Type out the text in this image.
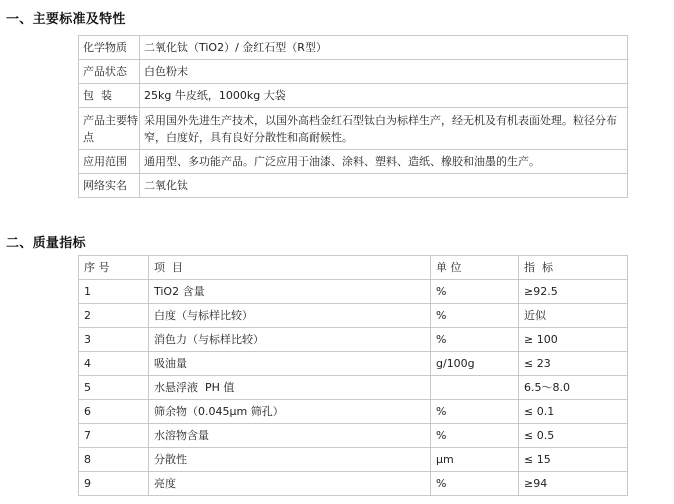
一、主要标准及特性
化学物质	二氧化钛（TiO2）/ 金红石型（R型）
产品状态	白色粉末
包  装	25kg 牛皮纸，1000kg 大袋
产品主要特点	采用国外先进生产技术，以国外高档金红石型钛白为标样生产，经无机及有机表面处理。粒径分布窄，白度好，具有良好分散性和高耐候性。
应用范围	通用型、多功能产品。广泛应用于油漆、涂料、塑料、造纸、橡胶和油墨的生产。
网络实名	二氧化钛
二、质量指标
序 号	项  目	单 位	指  标
1	TiO2 含量	%	≥92.5
2	白度（与标样比较）	%	近似
3	消色力（与标样比较）	%	≥ 100
4	吸油量	g/100g	≤ 23
5	水悬浮液  PH 值		6.5～8.0
6	筛余物（0.045μm 筛孔）	%	≤ 0.1
7	水溶物含量	%	≤ 0.5
8	分散性	μm	≤ 15
9	亮度	%	≥94
